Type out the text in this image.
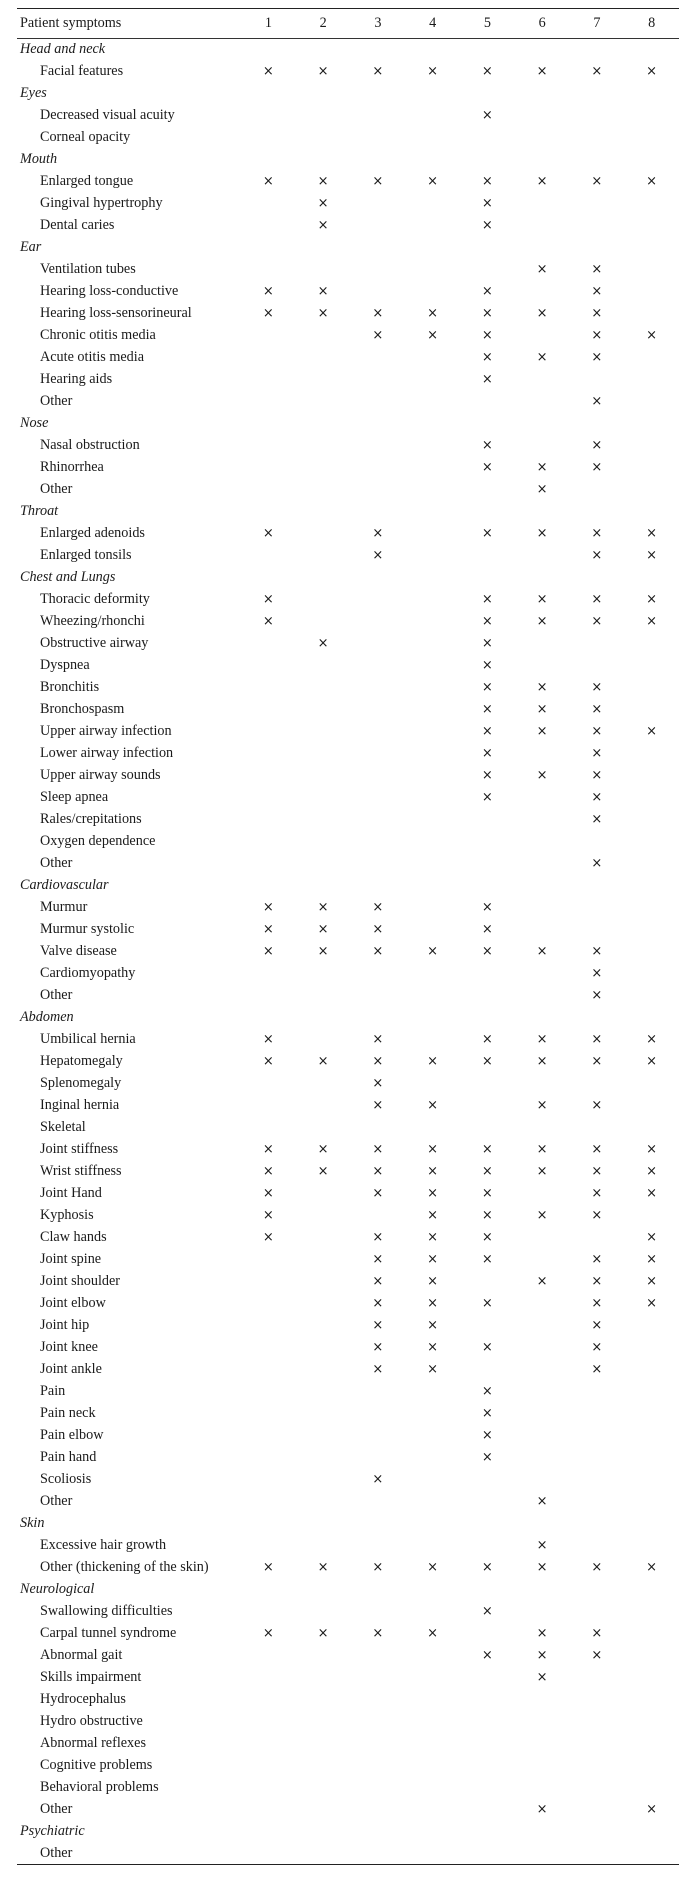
Patient symptoms	1	2	3	4	5	6	7	8
Head and neck								
Facial features	×	×	×	×	×	×	×	×
Eyes								
Decreased visual acuity					×			
Corneal opacity								
Mouth								
Enlarged tongue	×	×	×	×	×	×	×	×
Gingival hypertrophy		×			×			
Dental caries		×			×			
Ear								
Ventilation tubes						×	×	
Hearing loss-conductive	×	×			×		×	
Hearing loss-sensorineural	×	×	×	×	×	×	×	
Chronic otitis media			×	×	×		×	×
Acute otitis media					×	×	×	
Hearing aids					×			
Other							×	
Nose								
Nasal obstruction					×		×	
Rhinorrhea					×	×	×	
Other						×		
Throat								
Enlarged adenoids	×		×		×	×	×	×
Enlarged tonsils			×				×	×
Chest and Lungs								
Thoracic deformity	×				×	×	×	×
Wheezing/rhonchi	×				×	×	×	×
Obstructive airway		×			×			
Dyspnea					×			
Bronchitis					×	×	×	
Bronchospasm					×	×	×	
Upper airway infection					×	×	×	×
Lower airway infection					×		×	
Upper airway sounds					×	×	×	
Sleep apnea					×		×	
Rales/crepitations							×	
Oxygen dependence								
Other							×	
Cardiovascular								
Murmur	×	×	×		×			
Murmur systolic	×	×	×		×			
Valve disease	×	×	×	×	×	×	×	
Cardiomyopathy							×	
Other							×	
Abdomen								
Umbilical hernia	×		×		×	×	×	×
Hepatomegaly	×	×	×	×	×	×	×	×
Splenomegaly			×					
Inginal hernia			×	×		×	×	
Skeletal								
Joint stiffness	×	×	×	×	×	×	×	×
Wrist stiffness	×	×	×	×	×	×	×	×
Joint Hand	×		×	×	×		×	×
Kyphosis	×			×	×	×	×	
Claw hands	×		×	×	×			×
Joint spine			×	×	×		×	×
Joint shoulder			×	×		×	×	×
Joint elbow			×	×	×		×	×
Joint hip			×	×			×	
Joint knee			×	×	×		×	
Joint ankle			×	×			×	
Pain					×			
Pain neck					×			
Pain elbow					×			
Pain hand					×			
Scoliosis			×					
Other						×		
Skin								
Excessive hair growth						×		
Other (thickening of the skin)	×	×	×	×	×	×	×	×
Neurological								
Swallowing difficulties					×			
Carpal tunnel syndrome	×	×	×	×		×	×	
Abnormal gait					×	×	×	
Skills impairment						×		
Hydrocephalus								
Hydro obstructive								
Abnormal reflexes								
Cognitive problems								
Behavioral problems								
Other						×		×
Psychiatric								
Other								
